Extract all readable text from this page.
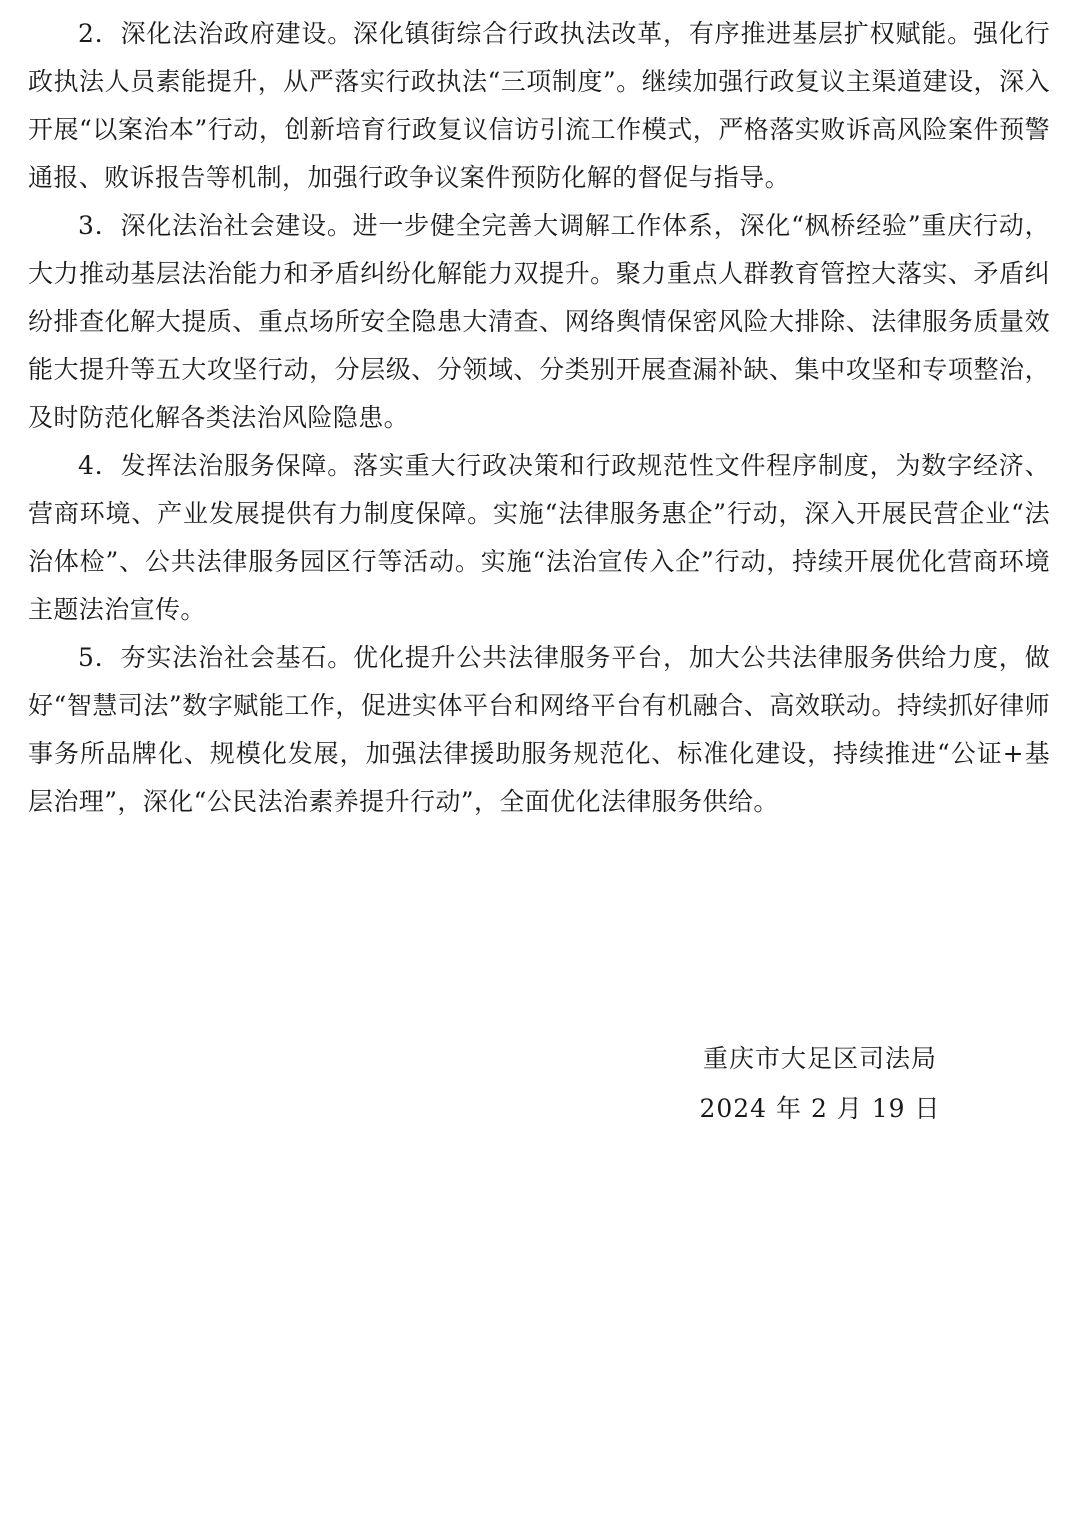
2．深化法治政府建设。深化镇街综合行政执法改革，有序推进基层扩权赋能。强化行政执法人员素能提升，从严落实行政执法“三项制度”。继续加强行政复议主渠道建设，深入开展“以案治本”行动，创新培育行政复议信访引流工作模式，严格落实败诉高风险案件预警通报、败诉报告等机制，加强行政争议案件预防化解的督促与指导。

3．深化法治社会建设。进一步健全完善大调解工作体系，深化“枫桥经验”重庆行动，大力推动基层法治能力和矛盾纠纷化解能力双提升。聚力重点人群教育管控大落实、矛盾纠纷排查化解大提质、重点场所安全隐患大清查、网络舆情保密风险大排除、法律服务质量效能大提升等五大攻坚行动，分层级、分领域、分类别开展查漏补缺、集中攻坚和专项整治，及时防范化解各类法治风险隐患。

4．发挥法治服务保障。落实重大行政决策和行政规范性文件程序制度，为数字经济、营商环境、产业发展提供有力制度保障。实施“法律服务惠企”行动，深入开展民营企业“法治体检”、公共法律服务园区行等活动。实施“法治宣传入企”行动，持续开展优化营商环境主题法治宣传。

5．夯实法治社会基石。优化提升公共法律服务平台，加大公共法律服务供给力度，做好“智慧司法”数字赋能工作，促进实体平台和网络平台有机融合、高效联动。持续抓好律师事务所品牌化、规模化发展，加强法律援助服务规范化、标准化建设，持续推进“公证+基层治理”，深化“公民法治素养提升行动”，全面优化法律服务供给。

重庆市大足区司法局
2024 年 2 月 19 日
